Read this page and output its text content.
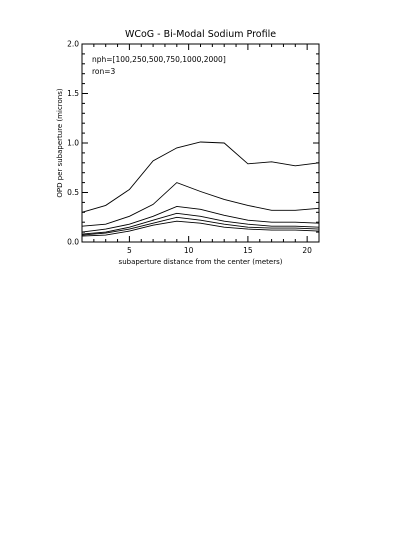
5	10	15	20
0.0
0.5
1.0
1.5
2.0
WCoG - Bi-Modal Sodium Profile
subaperture distance from the center (meters)
OPD per subaperture (microns)
nph=[100,250,500,750,1000,2000]
ron=3
